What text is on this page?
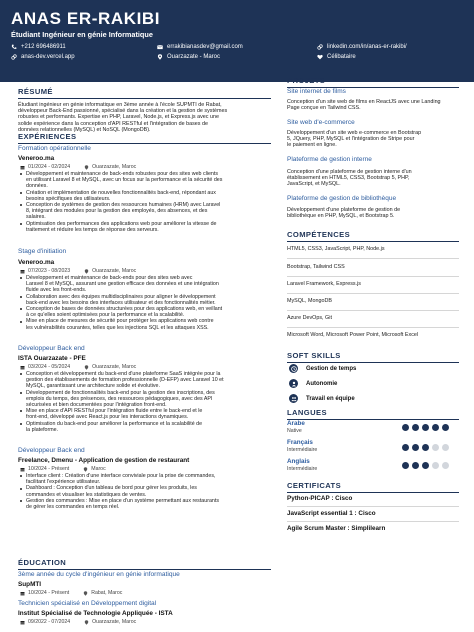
ANAS ER-RAKIBI
Étudiant Ingénieur en génie Informatique
+212 696486911	errakibianasdev@gmail.com	linkedin.com/in/anas-er-rakibi/
anas-dev.vercel.app	Ouarzazate - Maroc	Célibataire
RÉSUMÉ
Étudiant ingénieur en génie informatique en 3ème année à l'école SUPMTI de Rabat,
développeur Back-End passionné, spécialisé dans la création et la gestion de systèmes
robustes et performants. Expertise en PHP, Laravel, Node.js, et Express.js avec une
solide expérience dans la conception d'API RESTful et l'intégration de bases de
données relationnelles (MySQL) et NoSQL (MongoDB).
EXPÉRIENCES
Formation opérationnelle
Veneroo.ma
01/2024 - 02/2024	Ouarzazate, Maroc
Développement et maintenance de back-ends robustes pour des sites web clients
en utilisant Laravel 8 et MySQL, avec un focus sur la performance et la sécurité des
données.
Création et implémentation de nouvelles fonctionnalités back-end, répondant aux
besoins spécifiques des utilisateurs.
Conception de systèmes de gestion des ressources humaines (HRM) avec Laravel
8, intégrant des modules pour la gestion des employés, des absences, et des
salaires.
Optimisation des performances des applications web pour améliorer la vitesse de
traitement et réduire les temps de réponse des serveurs.
Stage d'initiation
Veneroo.ma
07/2023 - 08/2023	Ouarzazate, Maroc
Développement et maintenance de back-ends pour des sites web avec
Laravel 8 et MySQL, assurant une gestion efficace des données et une intégration
fluide avec les front-ends.
Collaboration avec des équipes multidisciplinaires pour aligner le développement
back-end avec les besoins des interfaces utilisateur et des fonctionnalités métier.
Conception de bases de données structurées pour des applications web, en veillant
à ce qu'elles soient optimisées pour la performance et la scalabilité.
Mise en place de mesures de sécurité pour protéger les applications web contre
les vulnérabilités courantes, telles que les injections SQL et les attaques XSS.
Développeur Back end
ISTA Ouarzazate - PFE
03/2024 - 05/2024	Ouarzazate, Maroc
Conception et développement du back-end d'une plateforme SaaS intégrée pour la
gestion des établissements de formation professionnelle (D-EFP) avec Laravel 10 et
MySQL, garantissant une architecture solide et évolutive.
Développement de fonctionnalités back-end pour la gestion des inscriptions, des
emplois du temps, des présences, des ressources pédagogiques, avec des API
sécurisées et bien documentées pour l'intégration front-end.
Mise en place d'API RESTful pour l'intégration fluide entre le back-end et le
front-end, développé avec React.js pour les interactions dynamiques.
Optimisation du back-end pour améliorer la performance et la scalabilité de
la plateforme.
Développeur Back end
Freelance, Dmenu - Application de gestion de restaurant
10/2024 - Présent	Maroc
Interface client : Création d'une interface conviviale pour la prise de commandes,
facilitant l'expérience utilisateur.
Dashboard : Conception d'un tableau de bord pour gérer les produits, les
commandes et visualiser les statistiques de ventes.
Gestion des commandes : Mise en place d'un système permettant aux restaurants
de gérer les commandes en temps réel.
ÉDUCATION
3ème année du cycle d'ingénieur en génie informatique
SupMTI
10/2024 - Présent	Rabat, Maroc
Technicien spécialisé en Développement digital
Institut Spécialisé de Technologie Appliquée - ISTA
09/2022 - 07/2024	Ouarzazate, Maroc
PROJETS
Site internet de films
Conception d'un site web de films en ReactJS avec une Landing
Page conçue en Tailwind CSS.
Site web d'e-commerce
Développement d'un site web e-commerce en Bootstrap
5, JQuery, PHP, MySQL et l'intégration de Stripe pour
le paiement en ligne.
Plateforme de gestion interne
Conception d'une plateforme de gestion interne d'un
établissement en HTML5, CSS3, Bootstrap 5, PHP,
JavaScript, et MySQL.
Plateforme de gestion de bibliothèque
Développement d'une plateforme de gestion de
bibliothèque en PHP, MySQL, et Bootstrap 5.
COMPÉTENCES
HTML5, CSS3, JavaScript, PHP, Node.js
Bootstrap, Tailwind CSS
Laravel Framework, Express.js
MySQL, MongoDB
Azure DevOps, Git
Microsoft Word, Microsoft Power Point, Microsoft Excel
SOFT SKILLS
Gestion de temps
Autonomie
Travail en équipe
LANGUES
Arabe
Native
Français
Intermédiaire
Anglais
Intermédiaire
CERTIFICATS
Python-PICAP : Cisco
JavaScript essential 1 : Cisco
Agile Scrum Master : Simplilearn
